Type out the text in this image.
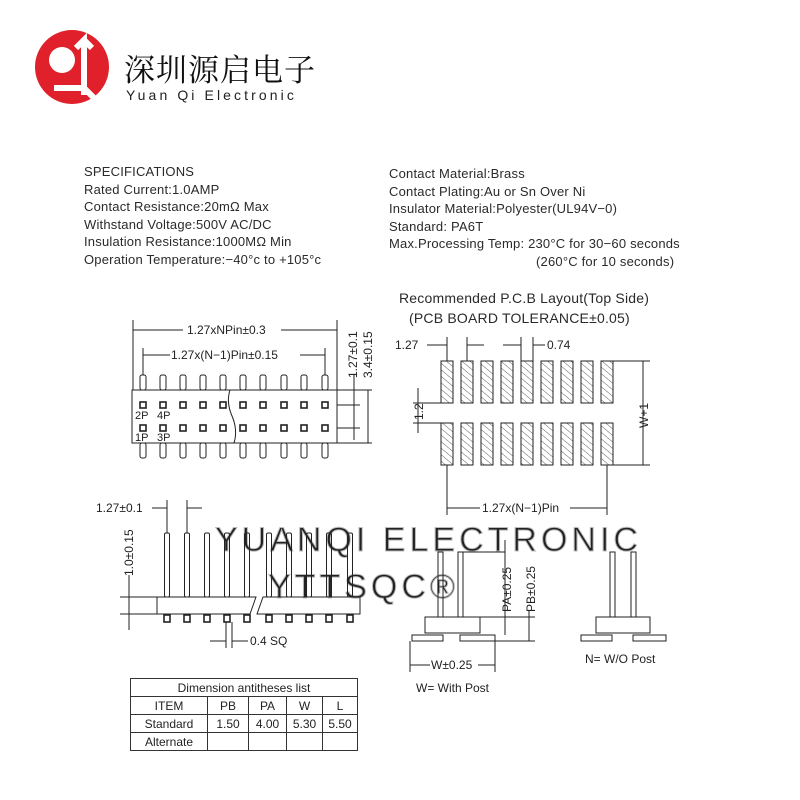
深圳源启电子
Yuan Qi Electronic
SPECIFICATIONS
Rated Current:1.0AMP
Contact Resistance:20mΩ Max
Withstand Voltage:500V AC/DC
Insulation Resistance:1000MΩ Min
Operation Temperature:−40°c to +105°c
Contact Material:Brass
Contact Plating:Au or Sn Over Ni
Insulator Material:Polyester(UL94V−0)
Standard: PA6T
Max.Processing Temp: 230°C for 30−60 seconds
(260°C for 10 seconds)
Recommended P.C.B Layout(Top Side)
(PCB BOARD TOLERANCE±0.05)
YUANQI ELECTRONIC
YTTSQC®
1.27xNPin±0.3
1.27x(N−1)Pin±0.15	1.27±0.1 3.4±0.15
2P 4P
1P 3P
1.27	0.74
1.2	W+1
1.27x(N−1)Pin
1.27±0.1
1.0±0.15
0.4 SQ
PA±0.25 PB±0.25
W±0.25
W= With Post
N= W/O Post
Dimension antitheses list				
ITEM	PB	PA	W	L
Standard	1.50	4.00	5.30	5.50
Alternate				
